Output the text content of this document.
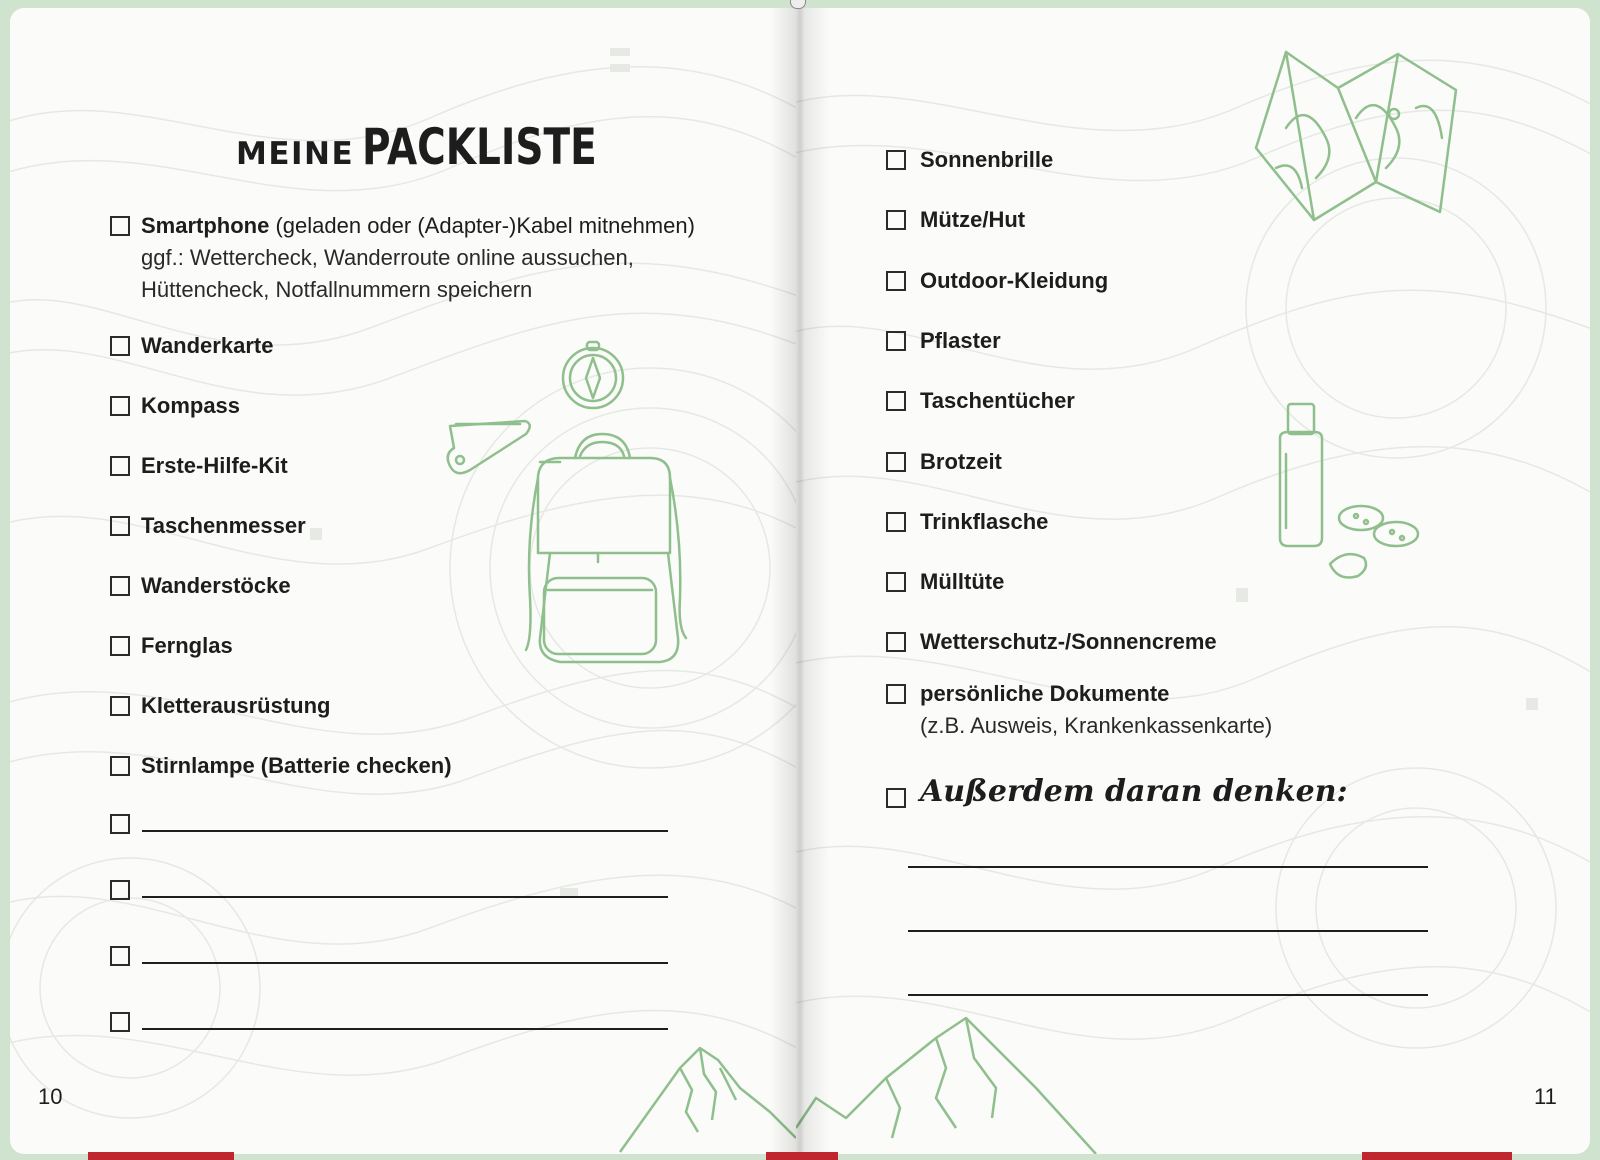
MEINE PACKLISTE
Smartphone (geladen oder (Adapter-)Kabel mitnehmen)
ggf.: Wettercheck, Wanderroute online aussuchen,
Hüttencheck, Notfallnummern speichern
Wanderkarte
Kompass
Erste-Hilfe-Kit
Taschenmesser
Wanderstöcke
Fernglas
Kletterausrüstung
Stirnlampe (Batterie checken)
10
Sonnenbrille
Mütze/Hut
Outdoor-Kleidung
Pflaster
Taschentücher
Brotzeit
Trinkflasche
Mülltüte
Wetterschutz-/Sonnencreme
persönliche Dokumente
(z.B. Ausweis, Krankenkassenkarte)
Außerdem daran denken:
11
